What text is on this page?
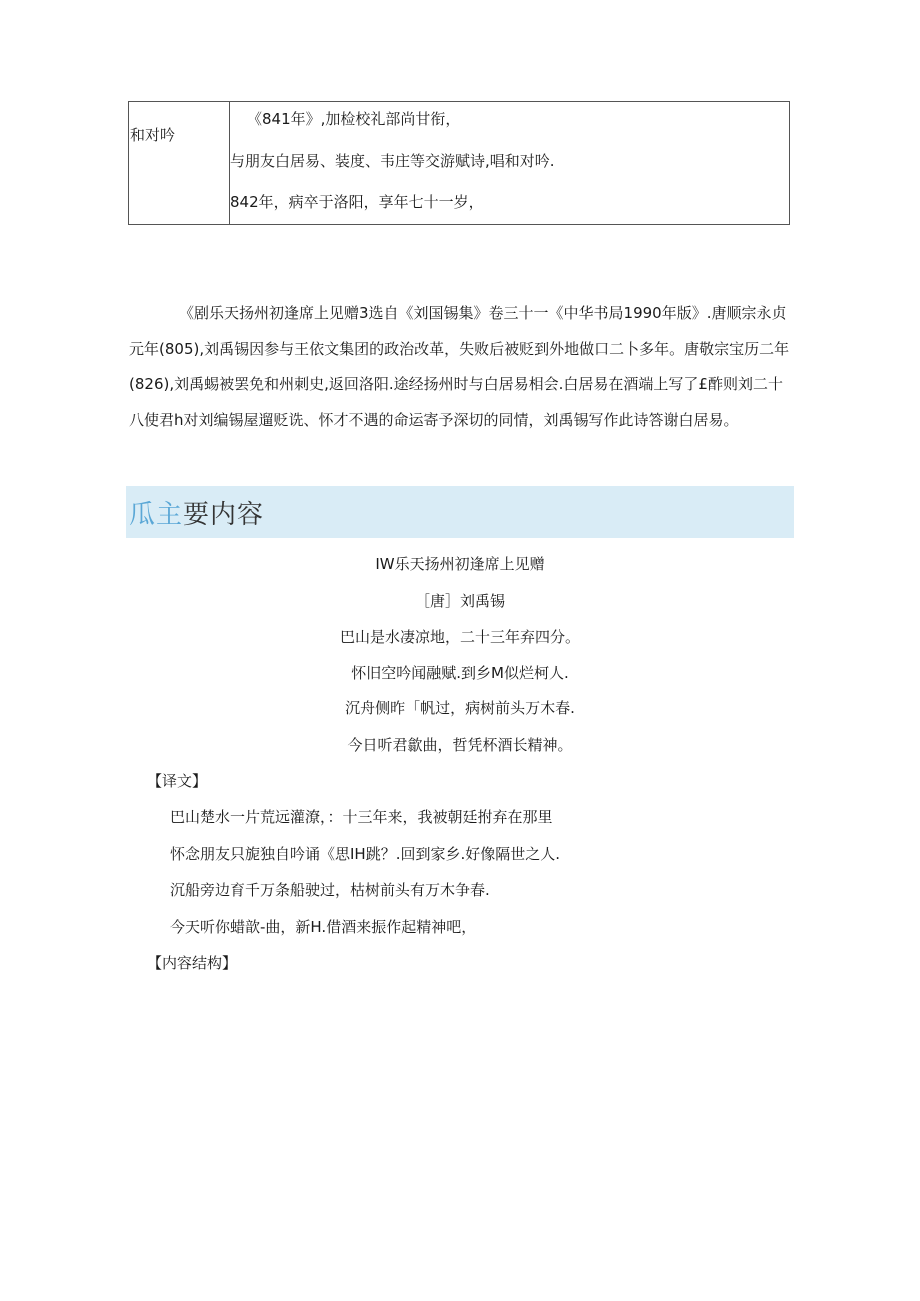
和对吟
《841年》,加检校礼部尚甘衔，
与朋友白居易、装度、韦庄等交游赋诗,唱和对吟.
842年，病卒于洛阳，享年七十一岁，

《剧乐天扬州初逢席上见赠3选自《刘国锡集》卷三十一《中华书局1990年版》.唐顺宗永贞元年(805),刘禹锡因参与王依文集团的政治改革，失败后被贬到外地做口二卜多年。唐敬宗宝历二年(826),刘禹蜴被罢免和州刺史,返回洛阳.途经扬州时与白居易相会.白居易在酒端上写了£酢则刘二十八使君h对刘编锡屋遛贬诜、怀才不遇的命运寄予深切的同情，刘禹锡写作此诗答谢白居易。

瓜主要内容
IW乐天扬州初逢席上见赠
［唐］刘禹锡
巴山是水凄凉地，二十三年弃四分。
怀旧空吟闻融赋.到乡M似烂柯人.
沉舟侧昨「帆过，病树前头万木春.
今日听君歙曲，哲凭杯酒长精神。
【译文】
巴山楚水一片荒远灌潦，：十三年来，我被朝廷拊弃在那里
怀念朋友只旎独自吟诵《思IH跳？.回到家乡.好像隔世之人.
沉船旁边育千万条船驶过，枯树前头有万木争春.
今天听你蜡歆-曲，新H.借酒来振作起精神吧，
【内容结构】
